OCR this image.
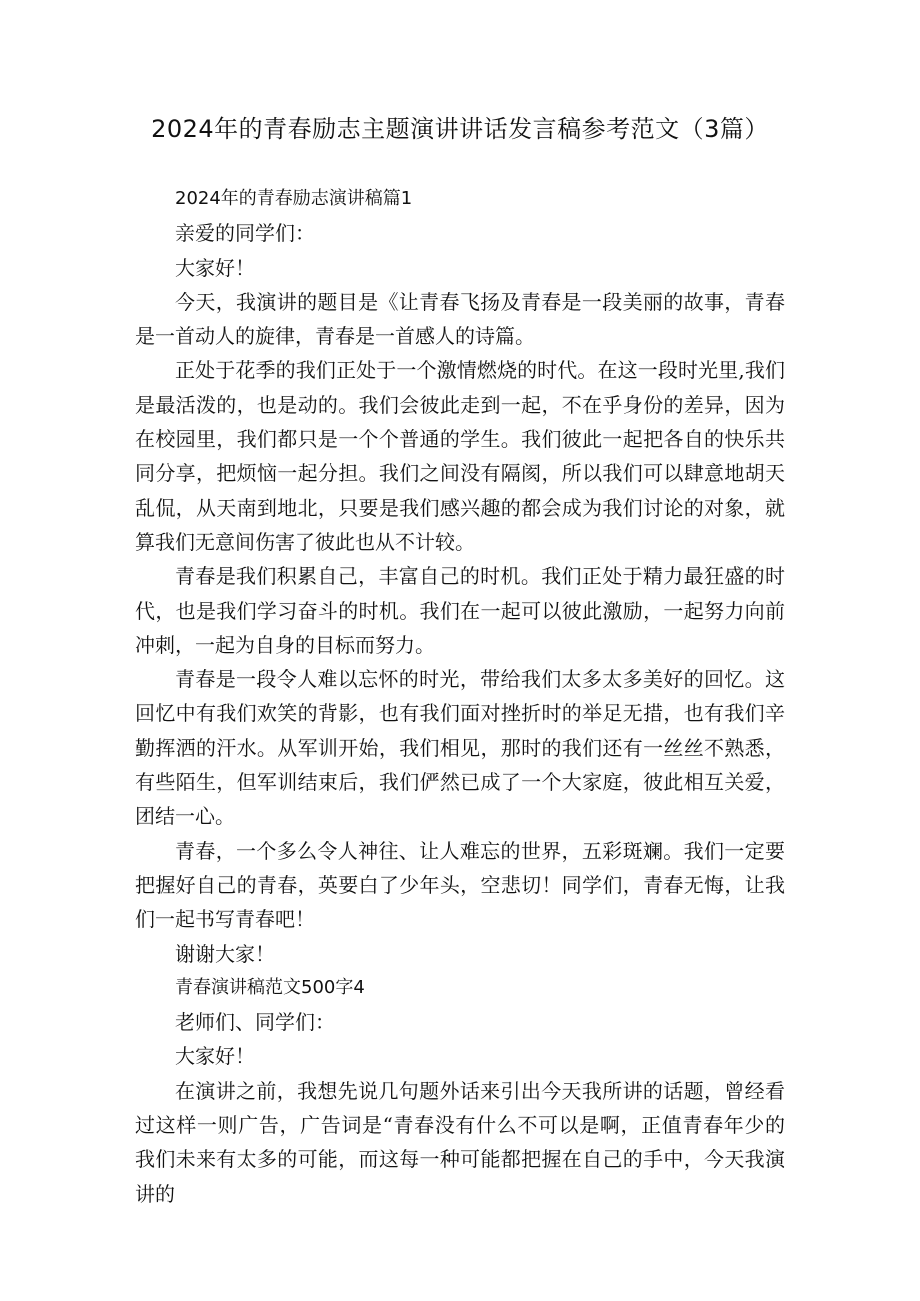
2024年的青春励志主题演讲讲话发言稿参考范文（3篇）

2024年的青春励志演讲稿篇1

亲爱的同学们：

大家好！

今天，我演讲的题目是《让青春飞扬及青春是一段美丽的故事，青春是一首动人的旋律，青春是一首感人的诗篇。

正处于花季的我们正处于一个激情燃烧的时代。在这一段时光里,我们是最活泼的，也是动的。我们会彼此走到一起，不在乎身份的差异，因为在校园里，我们都只是一个个普通的学生。我们彼此一起把各自的快乐共同分享，把烦恼一起分担。我们之间没有隔阂，所以我们可以肆意地胡天乱侃，从天南到地北，只要是我们感兴趣的都会成为我们讨论的对象，就算我们无意间伤害了彼此也从不计较。

青春是我们积累自己，丰富自己的时机。我们正处于精力最狂盛的时代，也是我们学习奋斗的时机。我们在一起可以彼此激励，一起努力向前冲刺，一起为自身的目标而努力。

青春是一段令人难以忘怀的时光，带给我们太多太多美好的回忆。这回忆中有我们欢笑的背影，也有我们面对挫折时的举足无措，也有我们辛勤挥洒的汗水。从军训开始，我们相见，那时的我们还有一丝丝不熟悉，有些陌生，但军训结束后，我们俨然已成了一个大家庭，彼此相互关爱，团结一心。

青春，一个多么令人神往、让人难忘的世界，五彩斑斓。我们一定要把握好自己的青春，英要白了少年头，空悲切！同学们，青春无悔，让我们一起书写青春吧！

谢谢大家！

青春演讲稿范文500字4

老师们、同学们：

大家好！

在演讲之前，我想先说几句题外话来引出今天我所讲的话题，曾经看过这样一则广告，广告词是“青春没有什么不可以是啊，正值青春年少的我们未来有太多的可能，而这每一种可能都把握在自己的手中，今天我演讲的
